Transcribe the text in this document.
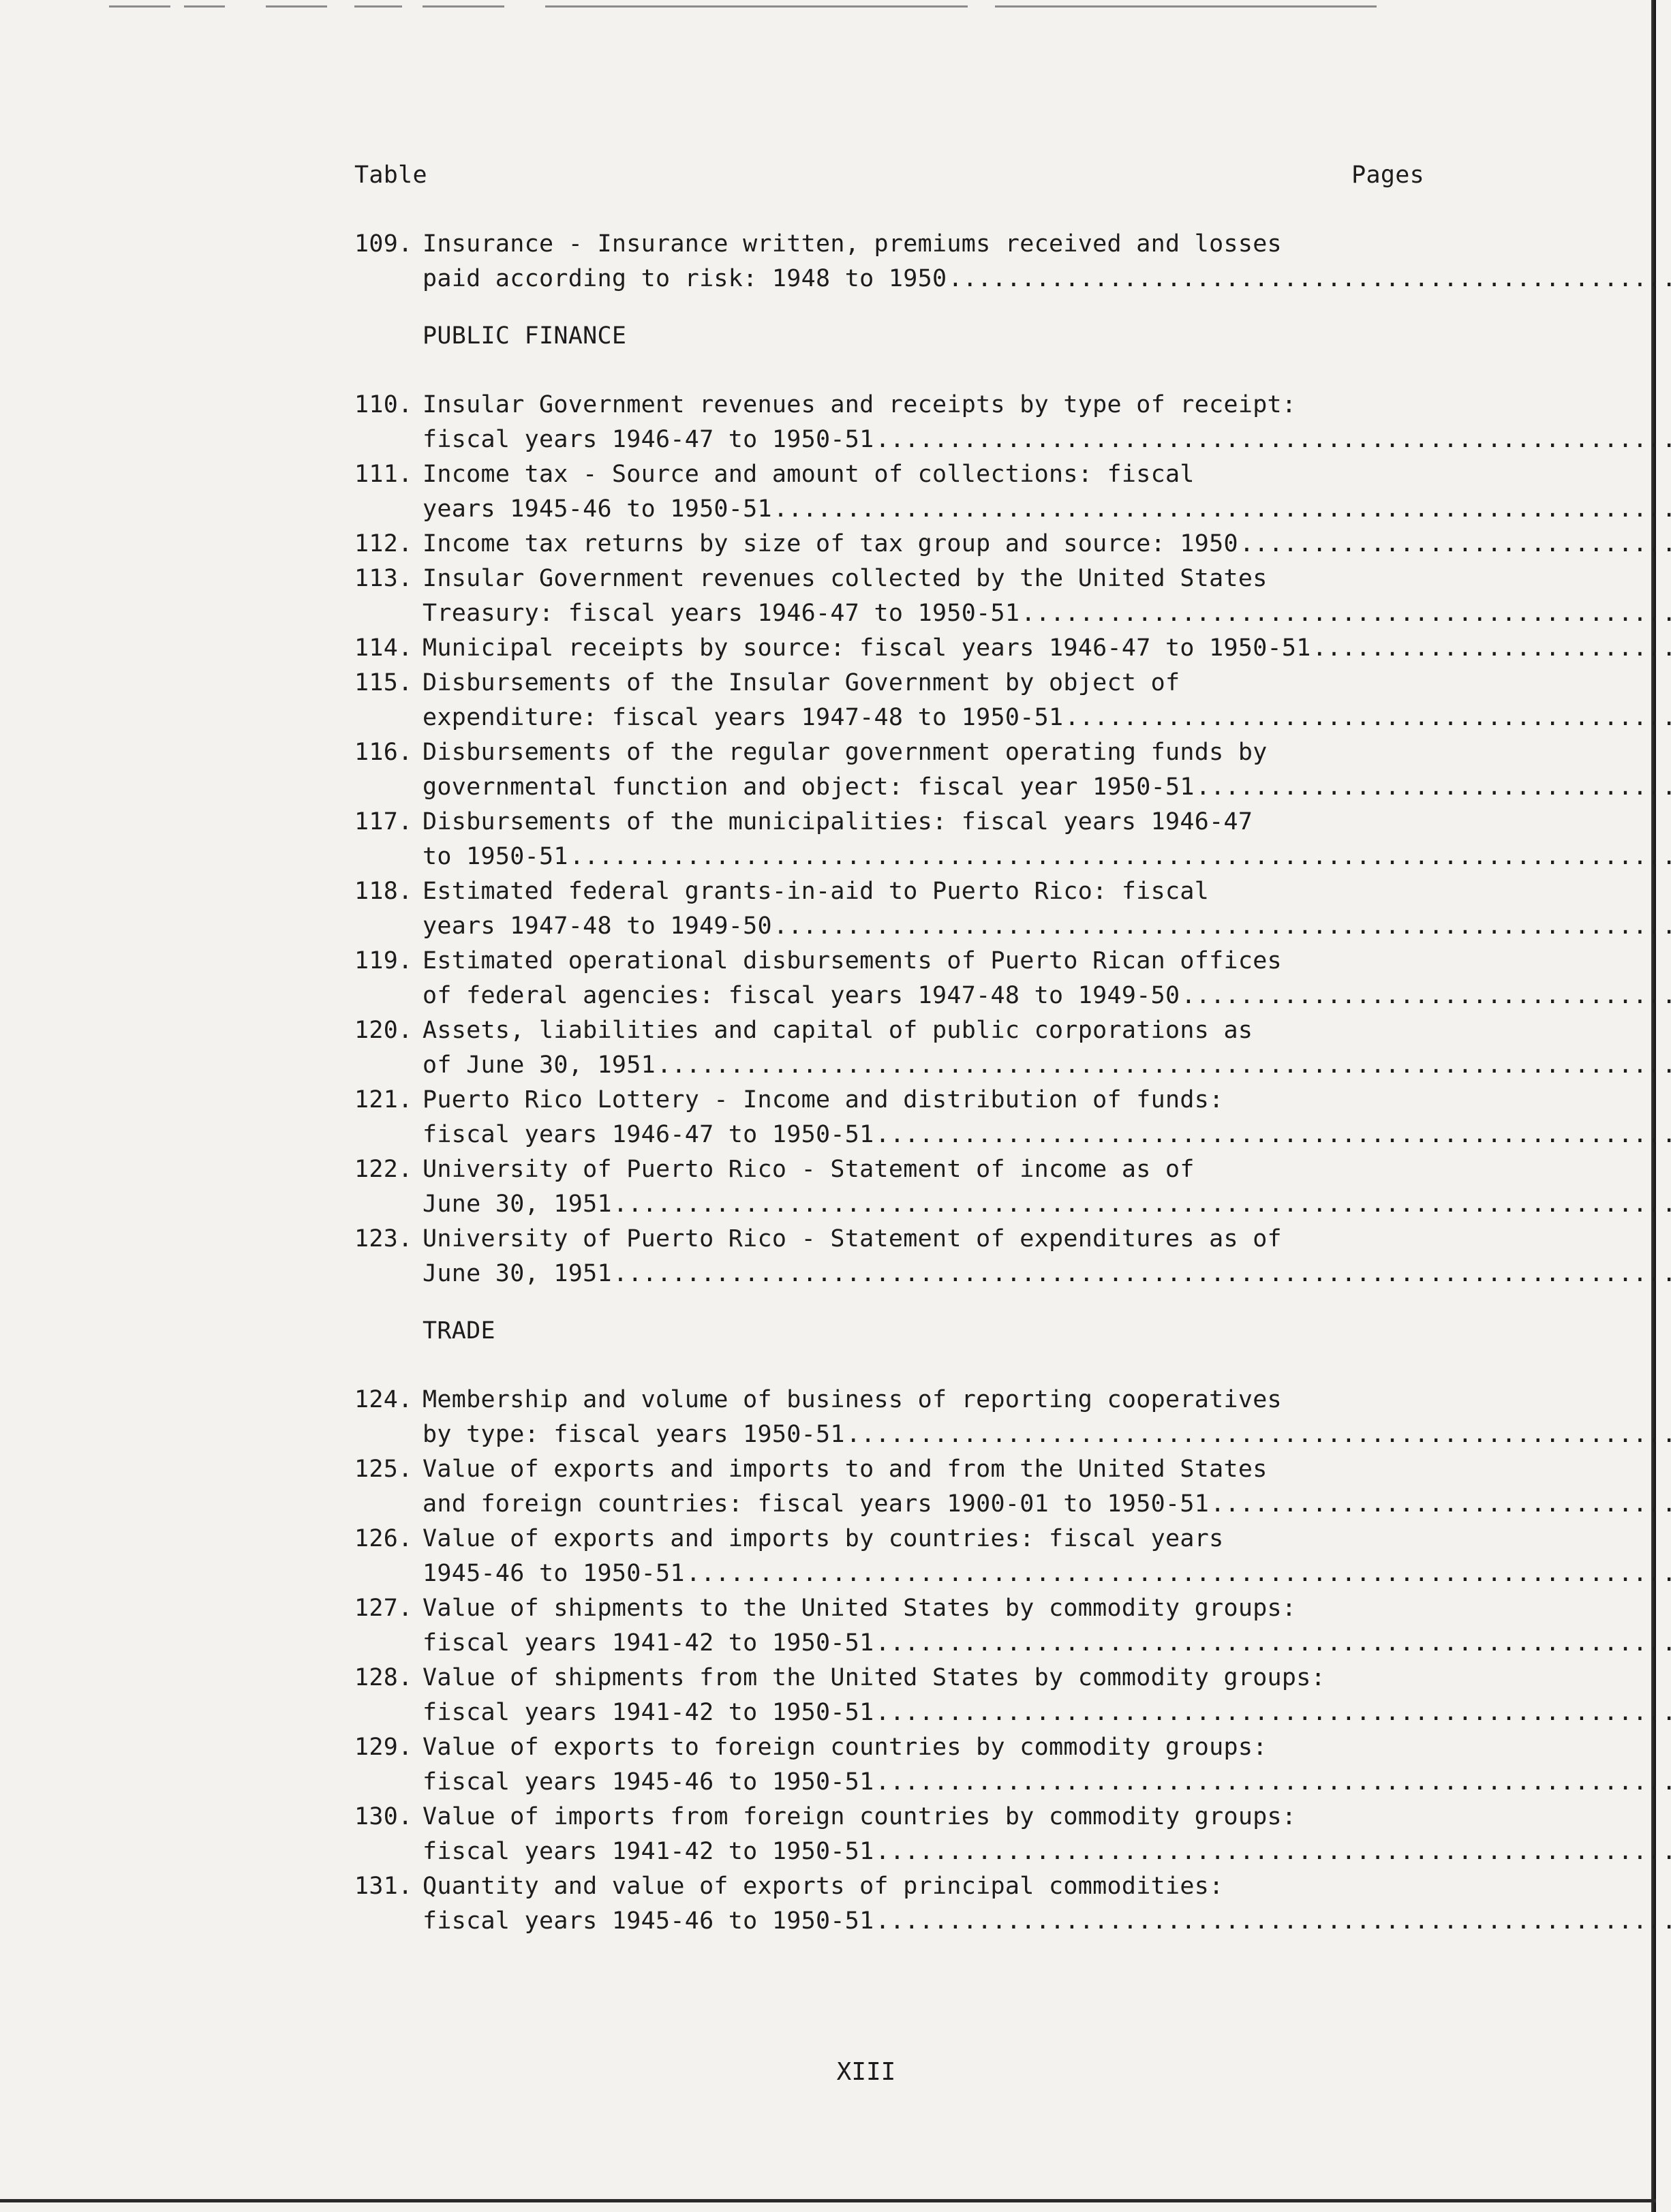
Table	Pages
109. Insurance - Insurance written, premiums received and losses
paid according to risk: 1948 to 1950
.....
PUBLIC FINANCE
110. Insular Government revenues and receipts by type of receipt:
fiscal years 1946-47 to 1950-51
.....
111. Income tax - Source and amount of collections: fiscal
years 1945-46 to 1950-51
.....
112. Income tax returns by size of tax group and source: 1950
.....
113. Insular Government revenues collected by the United States
Treasury: fiscal years 1946-47 to 1950-51
.....
114. Municipal receipts by source: fiscal years 1946-47 to 1950-51
.....
115. Disbursements of the Insular Government by object of
expenditure: fiscal years 1947-48 to 1950-51
.....
116. Disbursements of the regular government operating funds by
governmental function and object: fiscal year 1950-51
.....
117. Disbursements of the municipalities: fiscal years 1946-47
to 1950-51
.....
118. Estimated federal grants-in-aid to Puerto Rico: fiscal
years 1947-48 to 1949-50
.....
119. Estimated operational disbursements of Puerto Rican offices
of federal agencies: fiscal years 1947-48 to 1949-50
.....
120. Assets, liabilities and capital of public corporations as
of June 30, 1951
.....
121. Puerto Rico Lottery - Income and distribution of funds:
fiscal years 1946-47 to 1950-51
.....
122. University of Puerto Rico - Statement of income as of
June 30, 1951
.....
123. University of Puerto Rico - Statement of expenditures as of
June 30, 1951
.....
TRADE
124. Membership and volume of business of reporting cooperatives
by type: fiscal years 1950-51
.....
125. Value of exports and imports to and from the United States
and foreign countries: fiscal years 1900-01 to 1950-51
.....
126. Value of exports and imports by countries: fiscal years
1945-46 to 1950-51
.....
127. Value of shipments to the United States by commodity groups:
fiscal years 1941-42 to 1950-51
.....
128. Value of shipments from the United States by commodity groups:
fiscal years 1941-42 to 1950-51
.....
129. Value of exports to foreign countries by commodity groups:
fiscal years 1945-46 to 1950-51
.....
130. Value of imports from foreign countries by commodity groups:
fiscal years 1941-42 to 1950-51
.....
131. Quantity and value of exports of principal commodities:
fiscal years 1945-46 to 1950-51
.....
XIII
